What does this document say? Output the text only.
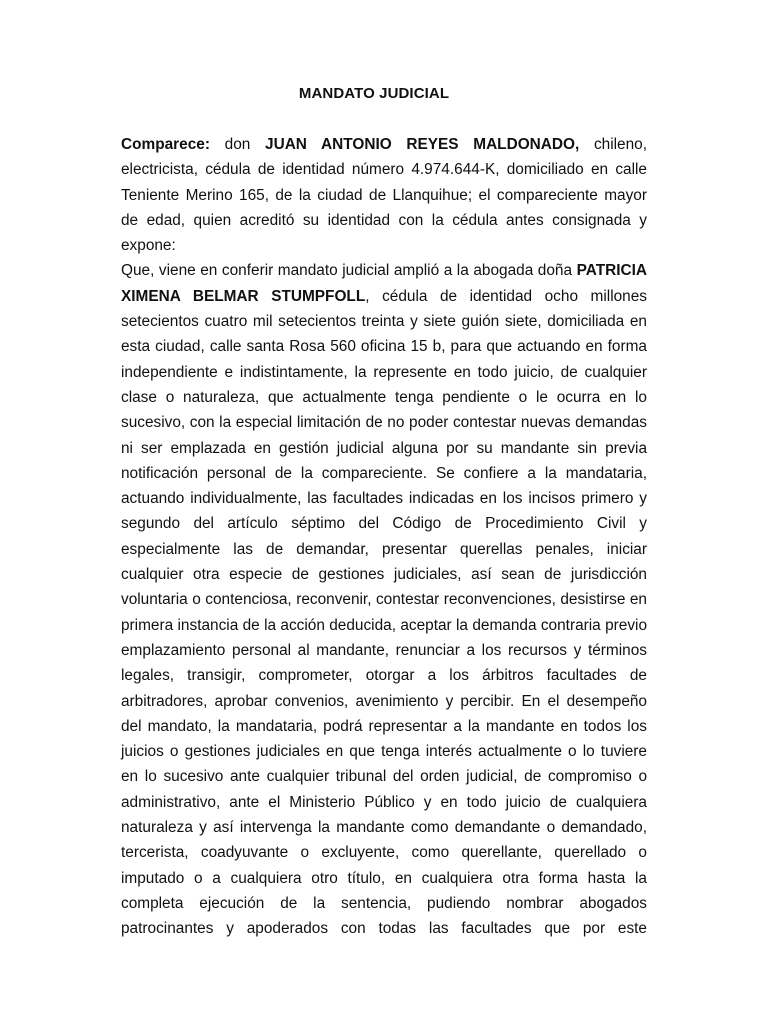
MANDATO JUDICIAL

Comparece: don JUAN ANTONIO REYES MALDONADO, chileno, electricista, cédula de identidad número 4.974.644-K, domiciliado en calle Teniente Merino 165, de la ciudad de Llanquihue; el compareciente mayor de edad, quien acreditó su identidad con la cédula antes consignada y expone:

Que, viene en conferir mandato judicial amplió a la abogada doña PATRICIA XIMENA BELMAR STUMPFOLL, cédula de identidad ocho millones setecientos cuatro mil setecientos treinta y siete guión siete, domiciliada en esta ciudad, calle santa Rosa 560 oficina 15 b, para que actuando en forma independiente e indistintamente, la represente en todo juicio, de cualquier clase o naturaleza, que actualmente tenga pendiente o le ocurra en lo sucesivo, con la especial limitación de no poder contestar nuevas demandas ni ser emplazada en gestión judicial alguna por su mandante sin previa notificación personal de la compareciente. Se confiere a la mandataria, actuando individualmente, las facultades indicadas en los incisos primero y segundo del artículo séptimo del Código de Procedimiento Civil y especialmente las de demandar, presentar querellas penales, iniciar cualquier otra especie de gestiones judiciales, así sean de jurisdicción voluntaria o contenciosa, reconvenir, contestar reconvenciones, desistirse en primera instancia de la acción deducida, aceptar la demanda contraria previo emplazamiento personal al mandante, renunciar a los recursos y términos legales, transigir, comprometer, otorgar a los árbitros facultades de arbitradores, aprobar convenios, avenimiento y percibir. En el desempeño del mandato, la mandataria, podrá representar a la mandante en todos los juicios o gestiones judiciales en que tenga interés actualmente o lo tuviere en lo sucesivo ante cualquier tribunal del orden judicial, de compromiso o administrativo, ante el Ministerio Público y en todo juicio de cualquiera naturaleza y así intervenga la mandante como demandante o demandado, tercerista, coadyuvante o excluyente, como querellante, querellado o imputado o a cualquiera otro título, en cualquiera otra forma hasta la completa ejecución de la sentencia, pudiendo nombrar abogados patrocinantes y apoderados con todas las facultades que por este
